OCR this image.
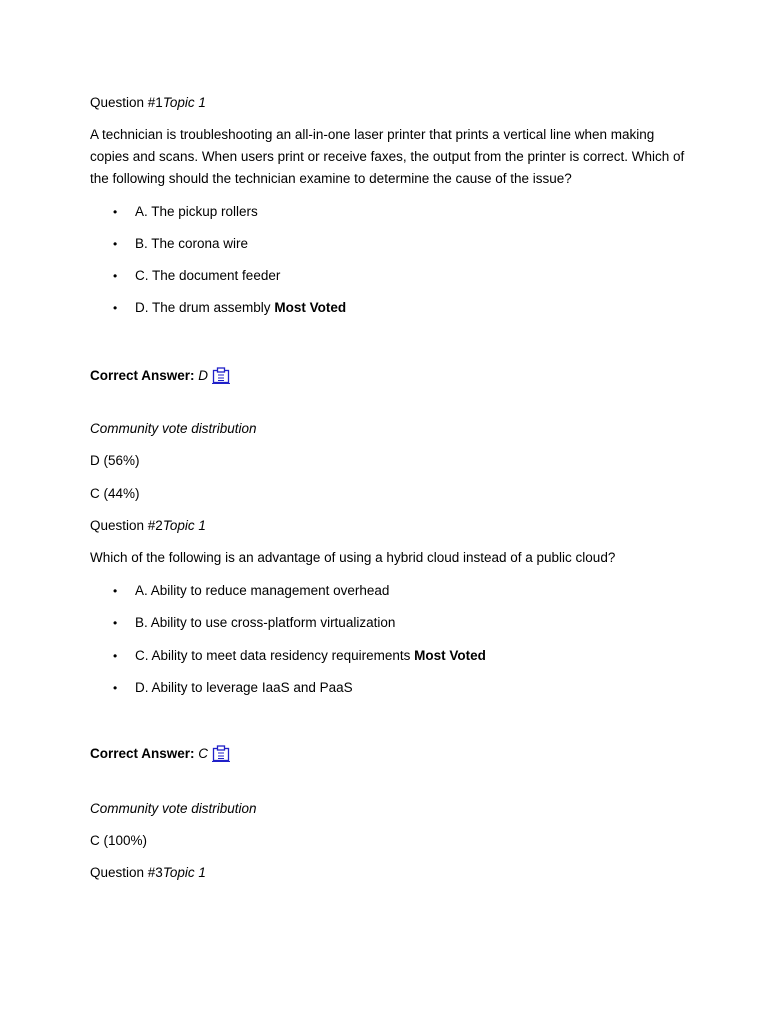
Question #1Topic 1
A technician is troubleshooting an all-in-one laser printer that prints a vertical line when making copies and scans. When users print or receive faxes, the output from the printer is correct. Which of the following should the technician examine to determine the cause of the issue?
• A. The pickup rollers
• B. The corona wire
• C. The document feeder
• D. The drum assembly Most Voted
Correct Answer: D
Community vote distribution
D (56%)
C (44%)
Question #2Topic 1
Which of the following is an advantage of using a hybrid cloud instead of a public cloud?
• A. Ability to reduce management overhead
• B. Ability to use cross-platform virtualization
• C. Ability to meet data residency requirements Most Voted
• D. Ability to leverage IaaS and PaaS
Correct Answer: C
Community vote distribution
C (100%)
Question #3Topic 1
